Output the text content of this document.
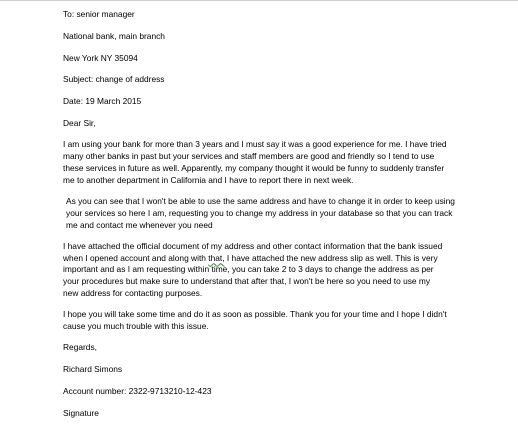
To: senior manager
National bank, main branch
New York NY 35094
Subject: change of address
Date: 19 March 2015
Dear Sir,
I am using your bank for more than 3 years and I must say it was a good experience for me. I have tried
many other banks in past but your services and staff members are good and friendly so I tend to use
these services in future as well. Apparently, my company thought it would be funny to suddenly transfer
me to another department in California and I have to report there in next week.
As you can see that I won't be able to use the same address and have to change it in order to keep using
your services so here I am, requesting you to change my address in your database so that you can track
me and contact me whenever you need
I have attached the official document of my address and other contact information that the bank issued
when I opened account and along with that, I have attached the new address slip as well. This is very
important and as I am requesting within time, you can take 2 to 3 days to change the address as per
your procedures but make sure to understand that after that, I won't be here so you need to use my
new address for contacting purposes.
I hope you will take some time and do it as soon as possible. Thank you for your time and I hope I didn't
cause you much trouble with this issue.
Regards,
Richard Simons
Account number: 2322-9713210-12-423
Signature
